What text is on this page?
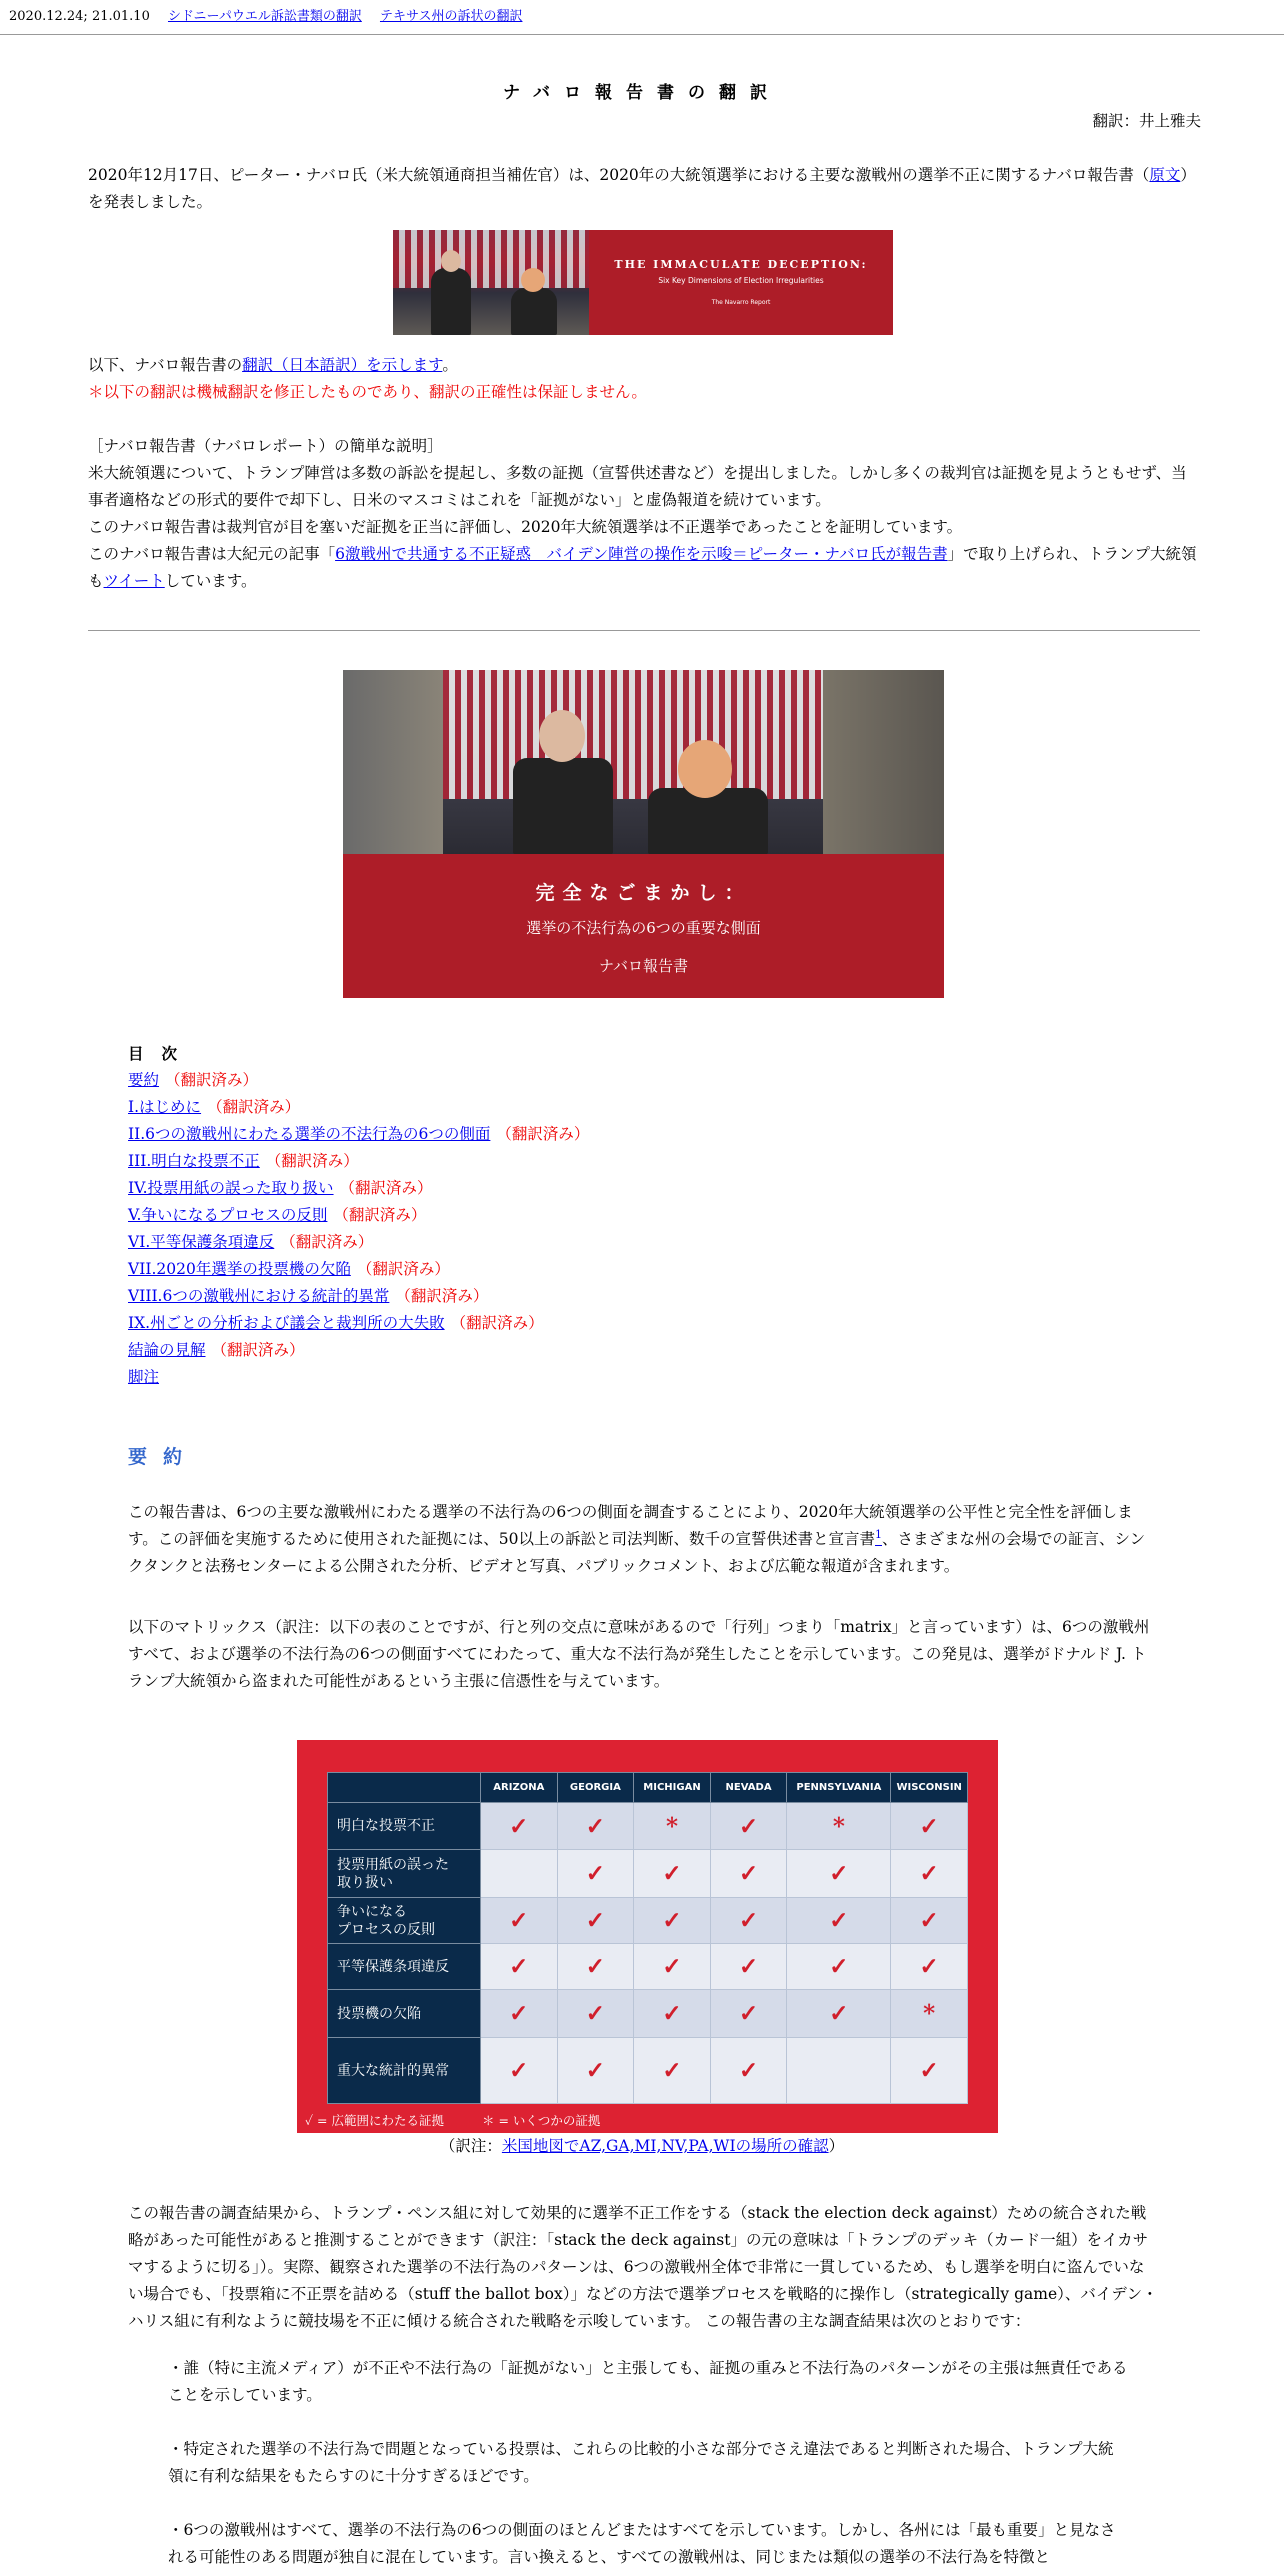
2020.12.24; 21.01.10 シドニーパウエル訴訟書類の翻訳 テキサス州の訴状の翻訳
ナバロ報告書の翻訳
翻訳：井上雅夫
2020年12月17日、ピーター・ナバロ氏（米大統領通商担当補佐官）は、2020年の大統領選挙における主要な激戦州の選挙不正に関するナバロ報告書（原文）を発表しました。
THE IMMACULATE DECEPTION:
Six Key Dimensions of Election Irregularities
The Navarro Report
以下、ナバロ報告書の翻訳（日本語訳）を示します。
＊以下の翻訳は機械翻訳を修正したものであり、翻訳の正確性は保証しません。
［ナバロ報告書（ナバロレポート）の簡単な説明］
米大統領選について、トランプ陣営は多数の訴訟を提起し、多数の証拠（宣誓供述書など）を提出しました。しかし多くの裁判官は証拠を見ようともせず、当事者適格などの形式的要件で却下し、日米のマスコミはこれを「証拠がない」と虚偽報道を続けています。
このナバロ報告書は裁判官が目を塞いだ証拠を正当に評価し、2020年大統領選挙は不正選挙であったことを証明しています。
このナバロ報告書は大紀元の記事「6激戦州で共通する不正疑惑　バイデン陣営の操作を示唆＝ピーター・ナバロ氏が報告書」で取り上げられ、トランプ大統領もツイートしています。
完全なごまかし：
選挙の不法行為の6つの重要な側面
ナバロ報告書
目次
要約 （翻訳済み）
I.はじめに （翻訳済み）
II.6つの激戦州にわたる選挙の不法行為の6つの側面 （翻訳済み）
III.明白な投票不正 （翻訳済み）
IV.投票用紙の誤った取り扱い （翻訳済み）
V.争いになるプロセスの反則 （翻訳済み）
VI.平等保護条項違反 （翻訳済み）
VII.2020年選挙の投票機の欠陥 （翻訳済み）
VIII.6つの激戦州における統計的異常 （翻訳済み）
IX.州ごとの分析および議会と裁判所の大失敗 （翻訳済み）
結論の見解 （翻訳済み）
脚注
要約
この報告書は、6つの主要な激戦州にわたる選挙の不法行為の6つの側面を調査することにより、2020年大統領選挙の公平性と完全性を評価します。この評価を実施するために使用された証拠には、50以上の訴訟と司法判断、数千の宣誓供述書と宣言書$^1$、さまざまな州の会場での証言、シンクタンクと法務センターによる公開された分析、ビデオと写真、パブリックコメント、および広範な報道が含まれます。
以下のマトリックス（訳注：以下の表のことですが、行と列の交点に意味があるので「行列」つまり「matrix」と言っています）は、6つの激戦州すべて、および選挙の不法行為の6つの側面すべてにわたって、重大な不法行為が発生したことを示しています。この発見は、選挙がドナルド J. トランプ大統領から盗まれた可能性があるという主張に信憑性を与えています。
	ARIZONA	GEORGIA	MICHIGAN	NEVADA	PENNSYLVANIA	WISCONSIN
明白な投票不正	✓	✓	*	✓	*	✓
投票用紙の誤った
取り扱い		✓	✓	✓	✓	✓
争いになる
プロセスの反則	✓	✓	✓	✓	✓	✓
平等保護条項違反	✓	✓	✓	✓	✓	✓
投票機の欠陥	✓	✓	✓	✓	✓	*
重大な統計的異常	✓	✓	✓	✓		✓
✓ = 広範囲にわたる証拠	＊ = いくつかの証拠
（訳注：米国地図でAZ,GA,MI,NV,PA,WIの場所の確認）
この報告書の調査結果から、トランプ・ペンス組に対して効果的に選挙不正工作をする（stack the election deck against）ための統合された戦略があった可能性があると推測することができます（訳注：「stack the deck against」の元の意味は「トランプのデッキ（カード一組）をイカサマするように切る」）。実際、観察された選挙の不法行為のパターンは、6つの激戦州全体で非常に一貫しているため、もし選挙を明白に盗んでいない場合でも、「投票箱に不正票を詰める（stuff the ballot box）」などの方法で選挙プロセスを戦略的に操作し（strategically game）、バイデン・ハリス組に有利なように競技場を不正に傾ける統合された戦略を示唆しています。 この報告書の主な調査結果は次のとおりです：
・誰（特に主流メディア）が不正や不法行為の「証拠がない」と主張しても、証拠の重みと不法行為のパターンがその主張は無責任であることを示しています。
・特定された選挙の不法行為で問題となっている投票は、これらの比較的小さな部分でさえ違法であると判断された場合、トランプ大統領に有利な結果をもたらすのに十分すぎるほどです。
・6つの激戦州はすべて、選挙の不法行為の6つの側面のほとんどまたはすべてを示しています。しかし、各州には「最も重要」と見なされる可能性のある問題が独自に混在しています。言い換えると、すべての激戦州は、同じまたは類似の選挙の不法行為を特徴と
